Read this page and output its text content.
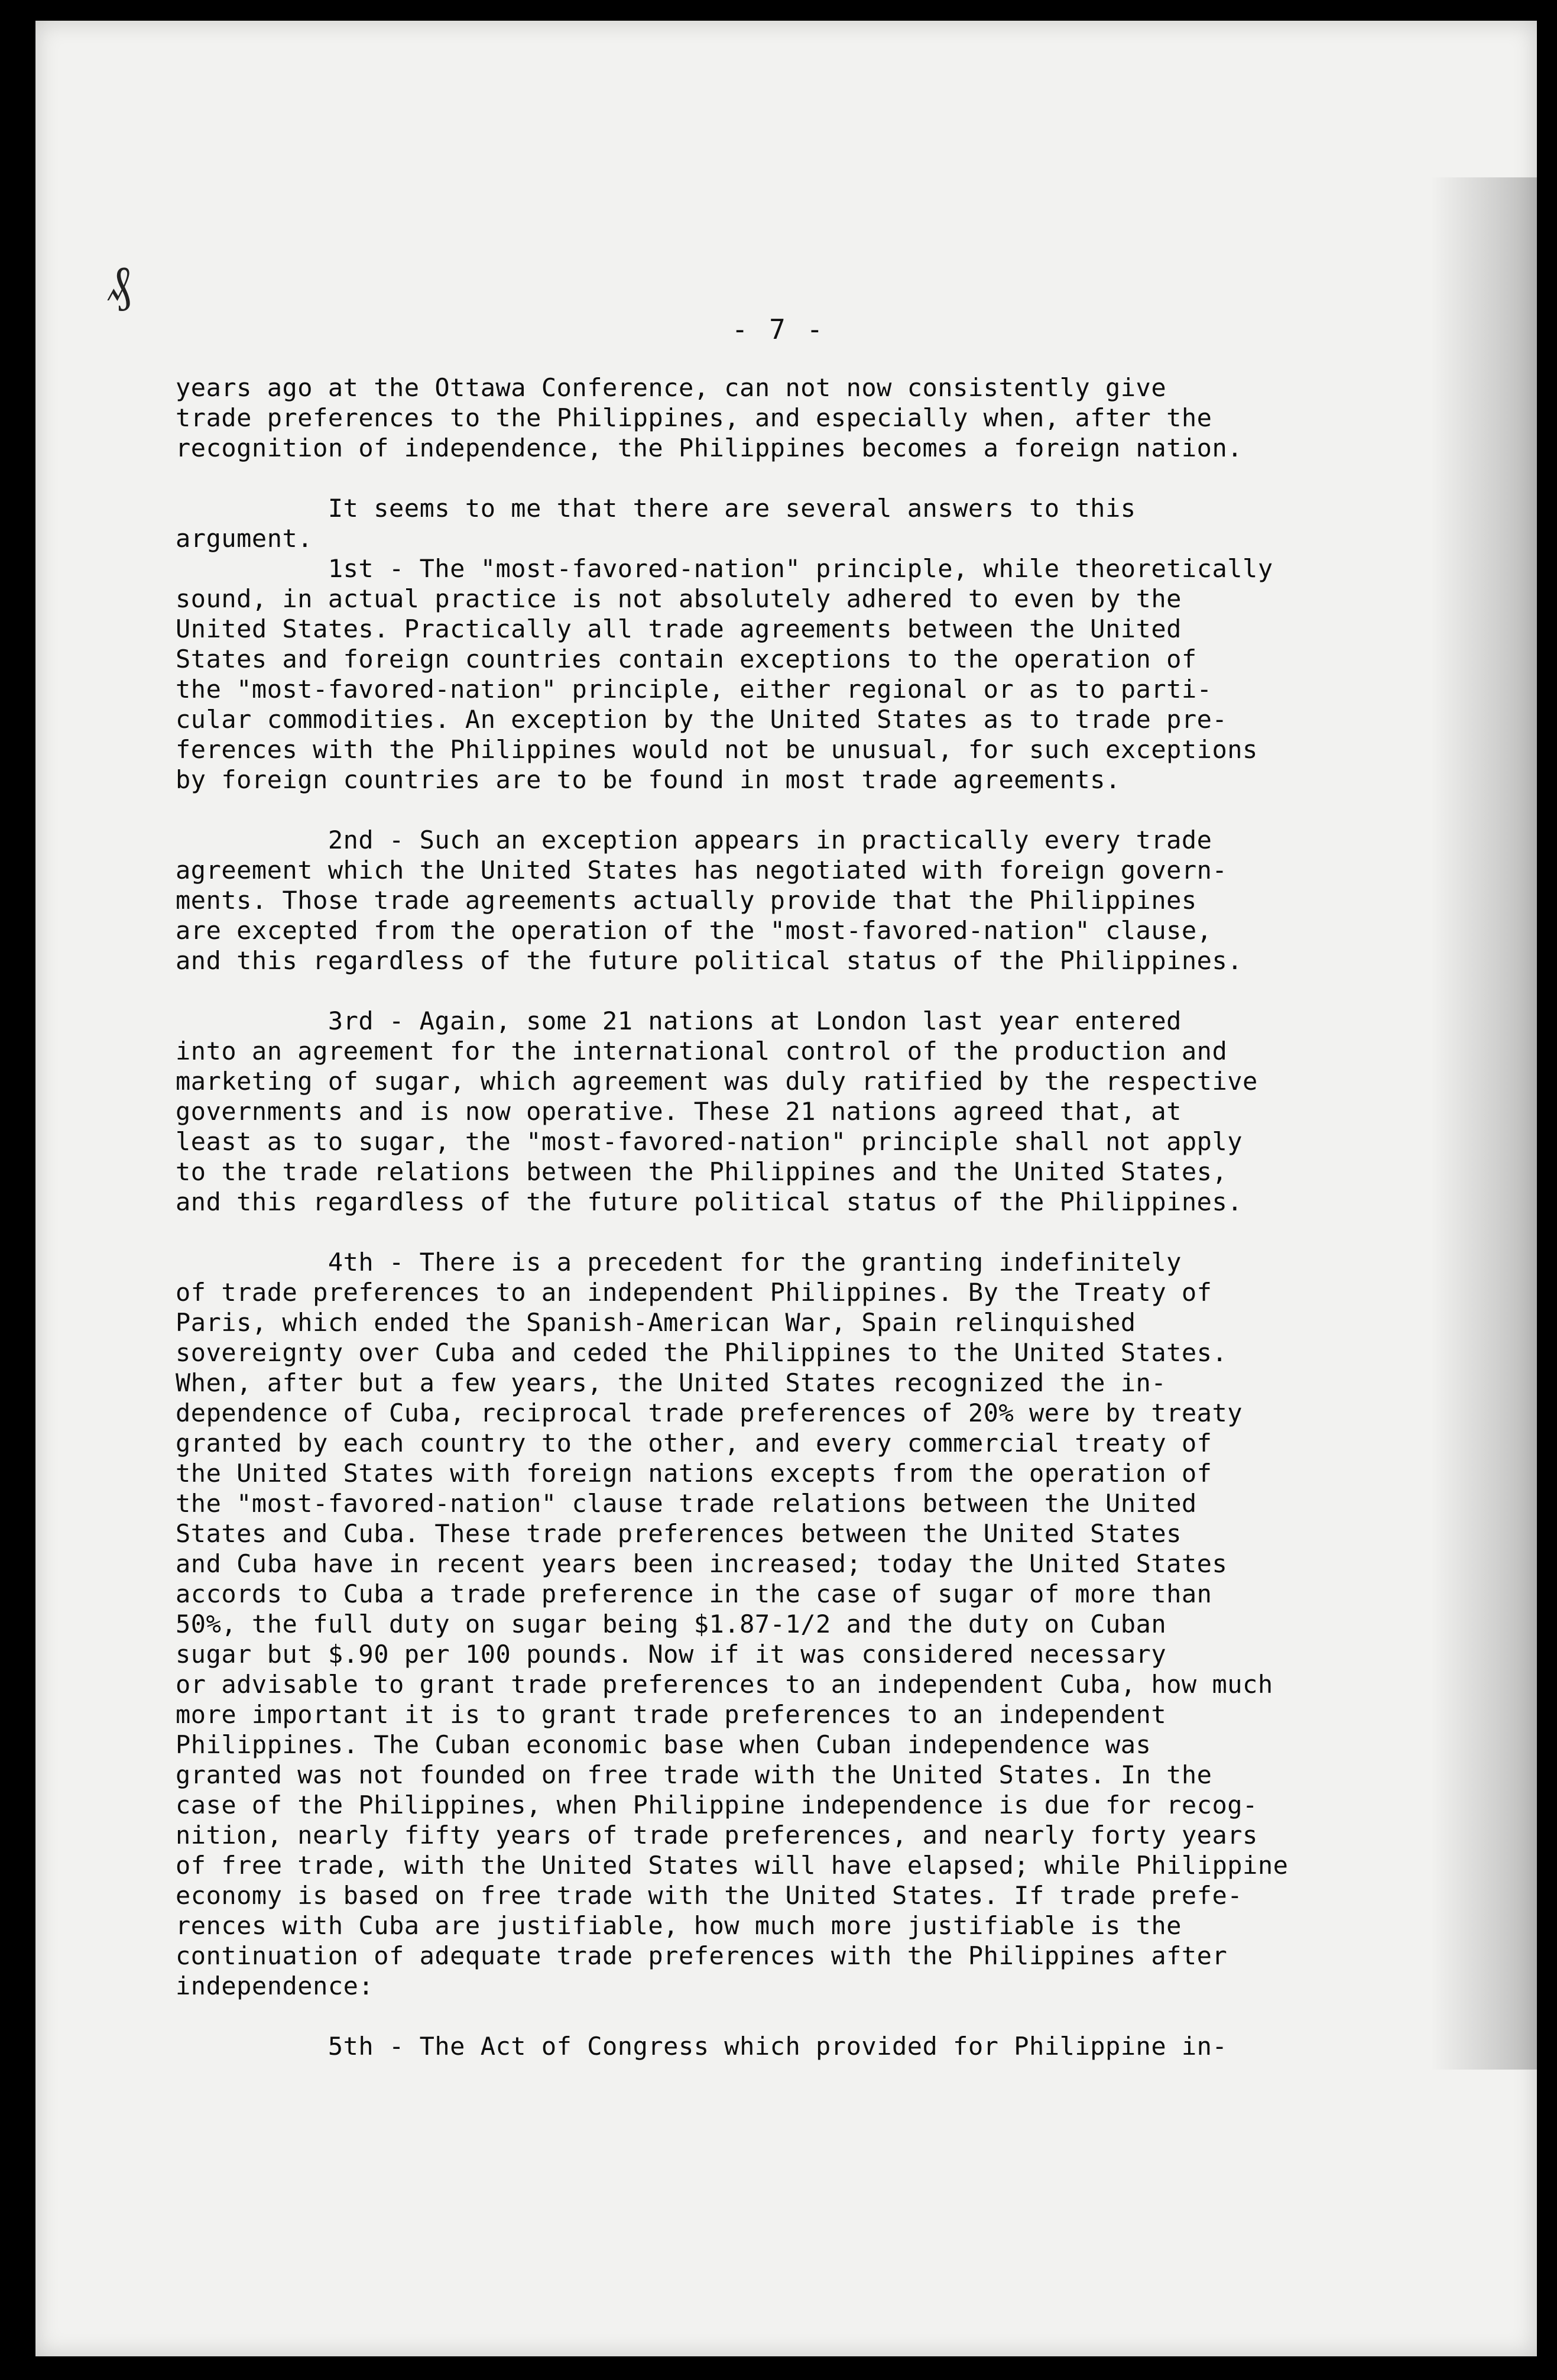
₰
- 7 -
years ago at the Ottawa Conference, can not now consistently give
trade preferences to the Philippines, and especially when, after the
recognition of independence, the Philippines becomes a foreign nation.
It seems to me that there are several answers to this
argument.
1st - The "most-favored-nation" principle, while theoretically
sound, in actual practice is not absolutely adhered to even by the
United States. Practically all trade agreements between the United
States and foreign countries contain exceptions to the operation of
the "most-favored-nation" principle, either regional or as to parti-
cular commodities. An exception by the United States as to trade pre-
ferences with the Philippines would not be unusual, for such exceptions
by foreign countries are to be found in most trade agreements.
2nd - Such an exception appears in practically every trade
agreement which the United States has negotiated with foreign govern-
ments. Those trade agreements actually provide that the Philippines
are excepted from the operation of the "most-favored-nation" clause,
and this regardless of the future political status of the Philippines.
3rd - Again, some 21 nations at London last year entered
into an agreement for the international control of the production and
marketing of sugar, which agreement was duly ratified by the respective
governments and is now operative. These 21 nations agreed that, at
least as to sugar, the "most-favored-nation" principle shall not apply
to the trade relations between the Philippines and the United States,
and this regardless of the future political status of the Philippines.
4th - There is a precedent for the granting indefinitely
of trade preferences to an independent Philippines. By the Treaty of
Paris, which ended the Spanish-American War, Spain relinquished
sovereignty over Cuba and ceded the Philippines to the United States.
When, after but a few years, the United States recognized the in-
dependence of Cuba, reciprocal trade preferences of 20% were by treaty
granted by each country to the other, and every commercial treaty of
the United States with foreign nations excepts from the operation of
the "most-favored-nation" clause trade relations between the United
States and Cuba. These trade preferences between the United States
and Cuba have in recent years been increased; today the United States
accords to Cuba a trade preference in the case of sugar of more than
50%, the full duty on sugar being $1.87-1/2 and the duty on Cuban
sugar but $.90 per 100 pounds. Now if it was considered necessary
or advisable to grant trade preferences to an independent Cuba, how much
more important it is to grant trade preferences to an independent
Philippines. The Cuban economic base when Cuban independence was
granted was not founded on free trade with the United States. In the
case of the Philippines, when Philippine independence is due for recog-
nition, nearly fifty years of trade preferences, and nearly forty years
of free trade, with the United States will have elapsed; while Philippine
economy is based on free trade with the United States. If trade prefe-
rences with Cuba are justifiable, how much more justifiable is the
continuation of adequate trade preferences with the Philippines after
independence:
5th - The Act of Congress which provided for Philippine in-
